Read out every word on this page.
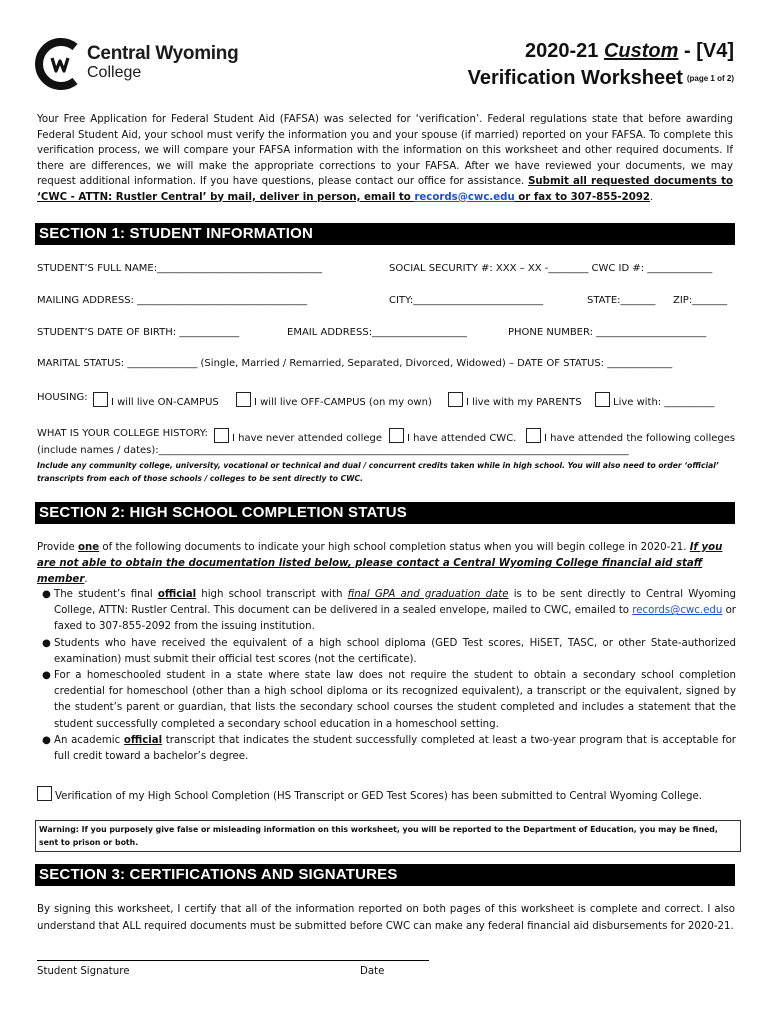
Central Wyoming
College
2020-21 Custom - [V4]
Verification Worksheet (page 1 of 2)
Your Free Application for Federal Student Aid (FAFSA) was selected for ‘verification’. Federal regulations state that before awarding Federal Student Aid, your school must verify the information you and your spouse (if married) reported on your FAFSA. To complete this verification process, we will compare your FAFSA information with the information on this worksheet and other required documents. If there are differences, we will make the appropriate corrections to your FAFSA. After we have reviewed your documents, we may request additional information. If you have questions, please contact our office for assistance. Submit all requested documents to ‘CWC - ATTN: Rustler Central’ by mail, deliver in person, email to records@cwc.edu or fax to 307-855-2092.
SECTION 1: STUDENT INFORMATION
STUDENT’S FULL NAME:_________________________________	SOCIAL SECURITY #: XXX – XX -________ CWC ID #: _____________
MAILING ADDRESS: __________________________________	CITY:__________________________	STATE:_______ ZIP:_______
STUDENT’S DATE OF BIRTH: ____________	EMAIL ADDRESS:___________________	PHONE NUMBER: ______________________
MARITAL STATUS: ______________ (Single, Married / Remarried, Separated, Divorced, Widowed) – DATE OF STATUS: _____________
HOUSING:	I will live ON-CAMPUS	I will live OFF-CAMPUS (on my own)	I live with my PARENTS	Live with: __________
WHAT IS YOUR COLLEGE HISTORY:	I have never attended college	I have attended CWC.	I have attended the following colleges
(include names / dates):______________________________________________________________________________________________
Include any community college, university, vocational or technical and dual / concurrent credits taken while in high school. You will also need to order ‘official’ transcripts from each of those schools / colleges to be sent directly to CWC.
SECTION 2: HIGH SCHOOL COMPLETION STATUS
Provide one of the following documents to indicate your high school completion status when you will begin college in 2020-21. If you are not able to obtain the documentation listed below, please contact a Central Wyoming College financial aid staff member.
● The student’s final official high school transcript with final GPA and graduation date is to be sent directly to Central Wyoming College, ATTN: Rustler Central. This document can be delivered in a sealed envelope, mailed to CWC, emailed to records@cwc.edu or faxed to 307-855-2092 from the issuing institution.
● Students who have received the equivalent of a high school diploma (GED Test scores, HiSET, TASC, or other State-authorized examination) must submit their official test scores (not the certificate).
● For a homeschooled student in a state where state law does not require the student to obtain a secondary school completion credential for homeschool (other than a high school diploma or its recognized equivalent), a transcript or the equivalent, signed by the student’s parent or guardian, that lists the secondary school courses the student completed and includes a statement that the student successfully completed a secondary school education in a homeschool setting.
● An academic official transcript that indicates the student successfully completed at least a two-year program that is acceptable for full credit toward a bachelor’s degree.
Verification of my High School Completion (HS Transcript or GED Test Scores) has been submitted to Central Wyoming College.
Warning: If you purposely give false or misleading information on this worksheet, you will be reported to the Department of Education, you may be fined, sent to prison or both.
SECTION 3: CERTIFICATIONS AND SIGNATURES
By signing this worksheet, I certify that all of the information reported on both pages of this worksheet is complete and correct. I also understand that ALL required documents must be submitted before CWC can make any federal financial aid disbursements for 2020-21.
Student Signature	Date
